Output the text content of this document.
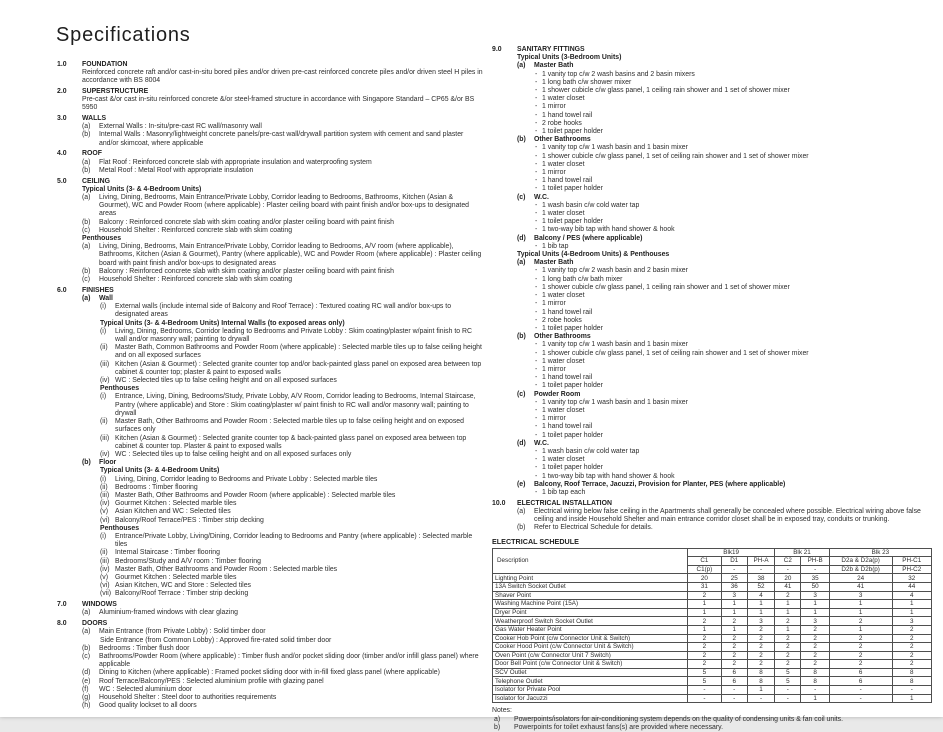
Specifications
1.0	FOUNDATION
Reinforced concrete raft and/or cast-in-situ bored piles and/or driven pre-cast reinforced concrete piles and/or driven steel H piles in accordance with BS 8004
2.0	SUPERSTRUCTURE
Pre-cast &/or cast in-situ reinforced concrete &/or steel-framed structure in accordance with Singapore Standard – CP65 &/or BS 5950
3.0	WALLS
(a)	External Walls : In-situ/pre-cast RC wall/masonry wall
(b)	Internal Walls : Masonry/lightweight concrete panels/pre-cast wall/drywall partition system with cement and sand plaster and/or skimcoat, where applicable
4.0	ROOF
(a)	Flat Roof : Reinforced concrete slab with appropriate insulation and waterproofing system
(b)	Metal Roof : Metal Roof with appropriate insulation
5.0	CEILING
Typical Units (3- & 4-Bedroom Units)
(a)	Living, Dining, Bedrooms, Main Entrance/Private Lobby, Corridor leading to Bedrooms, Bathrooms, Kitchen (Asian & Gourmet), WC and Powder Room (where applicable) : Plaster ceiling board with paint finish and/or box-ups to designated areas
(b)	Balcony : Reinforced concrete slab with skim coating and/or plaster ceiling board with paint finish
(c)	Household Shelter : Reinforced concrete slab with skim coating
Penthouses
(a)	Living, Dining, Bedrooms, Main Entrance/Private Lobby, Corridor leading to Bedrooms, A/V room (where applicable), Bathrooms, Kitchen (Asian & Gourmet), Pantry (where applicable), WC and Powder Room (where applicable) : Plaster ceiling board with paint finish and/or box-ups to designated areas
(b)	Balcony : Reinforced concrete slab with skim coating and/or plaster ceiling board with paint finish
(c)	Household Shelter : Reinforced concrete slab with skim coating
6.0	FINISHES
(a)	Wall
(i)	External walls (include internal side of Balcony and Roof Terrace) : Textured coating RC wall and/or box-ups to designated areas
Typical Units (3- & 4-Bedroom Units) Internal Walls (to exposed areas only)
(i)	Living, Dining, Bedrooms, Corridor leading to Bedrooms and Private Lobby : Skim coating/plaster w/paint finish to RC wall and/or masonry wall; painting to drywall
(ii)	Master Bath, Common Bathrooms and Powder Room (where applicable) : Selected marble tiles up to false ceiling height and on all exposed surfaces
(iii) Kitchen (Asian & Gourmet) : Selected granite counter top and/or back-painted glass panel on exposed area between top cabinet & counter top; plaster & paint to exposed walls
(iv) WC : Selected tiles up to false ceiling height and on all exposed surfaces
Penthouses
(i)	Entrance, Living, Dining, Bedrooms/Study, Private Lobby, A/V Room, Corridor leading to Bedrooms, Internal Staircase, Pantry (where applicable) and Store : Skim coating/plaster w/ paint finish to RC wall and/or masonry wall; painting to drywall
(ii)	Master Bath, Other Bathrooms and Powder Room : Selected marble tiles up to false ceiling height and on exposed surfaces only
(iii) Kitchen (Asian & Gourmet) : Selected granite counter top & back-painted glass panel on exposed area between top cabinet & counter top. Plaster & paint to exposed walls
(iv) WC : Selected tiles up to false ceiling height and on all exposed surfaces only
(b)	Floor
Typical Units (3- & 4-Bedroom Units)
(i)	Living, Dining, Corridor leading to Bedrooms and Private Lobby : Selected marble tiles
(ii)	Bedrooms : Timber flooring
(iii) Master Bath, Other Bathrooms and Powder Room (where applicable) : Selected marble tiles
(iv) Gourmet Kitchen : Selected marble tiles
(v)	Asian Kitchen and WC : Selected tiles
(vi) Balcony/Roof Terrace/PES : Timber strip decking
Penthouses
(i)	Entrance/Private Lobby, Living/Dining, Corridor leading to Bedrooms and Pantry (where applicable) : Selected marble tiles
(ii)	Internal Staircase : Timber flooring
(iii) Bedrooms/Study and A/V room : Timber flooring
(iv) Master Bath, Other Bathrooms and Powder Room : Selected marble tiles
(v)	Gourmet Kitchen : Selected marble tiles
(vi) Asian Kitchen, WC and Store : Selected tiles
(vii) Balcony/Roof Terrace : Timber strip decking
7.0	WINDOWS
(a)	Aluminium-framed windows with clear glazing
8.0	DOORS
(a)	Main Entrance (from Private Lobby) : Solid timber door
Side Entrance (from Common Lobby) : Approved fire-rated solid timber door
(b)	Bedrooms : Timber flush door
(c)	Bathrooms/Powder Room (where applicable) : Timber flush and/or pocket sliding door (timber and/or infill glass panel) where applicable
(d)	Dining to Kitchen (where applicable) : Framed pocket sliding door with in-fill fixed glass panel (where applicable)
(e)	Roof Terrace/Balcony/PES : Selected aluminium profile with glazing panel
(f)	WC : Selected aluminium door
(g)	Household Shelter : Steel door to authorities requirements
(h)	Good quality lockset to all doors
9.0	SANITARY FITTINGS
Typical Units (3-Bedroom Units)
(a)	Master Bath
- 1 vanity top c/w 2 wash basins and 2 basin mixers
- 1 long bath c/w shower mixer
- 1 shower cubicle c/w glass panel, 1 ceiling rain shower and 1 set of shower mixer
- 1 water closet
- 1 mirror
- 1 hand towel rail
- 2 robe hooks
- 1 toilet paper holder
(b)	Other Bathrooms
- 1 vanity top c/w 1 wash basin and 1 basin mixer
- 1 shower cubicle c/w glass panel, 1 set of ceiling rain shower and 1 set of shower mixer
- 1 water closet
- 1 mirror
- 1 hand towel rail
- 1 toilet paper holder
(c)	W.C.
- 1 wash basin c/w cold water tap
- 1 water closet
- 1 toilet paper holder
- 1 two-way bib tap with hand shower & hook
(d)	Balcony / PES (where applicable)
- 1 bib tap
Typical Units (4-Bedroom Units) & Penthouses
(a)	Master Bath
- 1 vanity top c/w 2 wash basin and 2 basin mixer
- 1 long bath c/w bath mixer
- 1 shower cubicle c/w glass panel, 1 ceiling rain shower and 1 set of shower mixer
- 1 water closet
- 1 mirror
- 1 hand towel rail
- 2 robe hooks
- 1 toilet paper holder
(b)	Other Bathrooms
- 1 vanity top c/w 1 wash basin and 1 basin mixer
- 1 shower cubicle c/w glass panel, 1 set of ceiling rain shower and 1 set of shower mixer
- 1 water closet
- 1 mirror
- 1 hand towel rail
- 1 toilet paper holder
(c)	Powder Room
- 1 vanity top c/w 1 wash basin and 1 basin mixer
- 1 water closet
- 1 mirror
- 1 hand towel rail
- 1 toilet paper holder
(d)	W.C.
- 1 wash basin c/w cold water tap
- 1 water closet
- 1 toilet paper holder
- 1 two-way bib tap with hand shower & hook
(e)	Balcony, Roof Terrace, Jacuzzi, Provision for Planter, PES (where applicable)
- 1 bib tap each
10.0	ELECTRICAL INSTALLATION
(a)	Electrical wiring below false ceiling in the Apartments shall generally be concealed where possible. Electrical wiring above false ceiling and inside Household Shelter and main entrance corridor closet shall be in exposed tray, conduits or trunking.
(b)	Refer to Electrical Schedule for details.
ELECTRICAL SCHEDULE
Description	Blk19			Blk 21		Blk 23	
	C1	D1	PH-A	C2	PH-B	D2a & D2a(p)	PH-C1
	C1(p)	-	-	-	-	D2b & D2b(p)	PH-C2
Lighting Point	20	25	38	20	35	24	32
13A Switch Socket Outlet	31	36	52	41	50	41	44
Shaver Point	2	3	4	2	3	3	4
Washing Machine Point (15A)	1	1	1	1	1	1	1
Dryer Point	1	1	1	1	1	1	1
Weatherproof Switch Socket Outlet	2	2	3	2	3	2	3
Gas Water Heater Point	1	1	2	1	2	1	2
Cooker Hob Point (c/w Connector Unit & Switch)	2	2	2	2	2	2	2
Cooker Hood Point (c/w Connector Unit & Switch)	2	2	2	2	2	2	2
Oven Point (c/w Connector Unit 7 Switch)	2	2	2	2	2	2	2
Door Bell Point (c/w Connector Unit & Switch)	2	2	2	2	2	2	2
SCV Outlet	5	6	8	5	8	6	8
Telephone Outlet	5	6	8	5	8	6	8
Isolator for Private Pool	-	-	1	-	-	-	-
Isolator for Jacuzzi	-	-	-	-	1	-	1
Notes:
a)	Powerpoints/isolators for air-conditioning system depends on the quality of condensing units & fan coil units.
b)	Powerpoints for toilet exhaust fans(s) are provided where necessary.
